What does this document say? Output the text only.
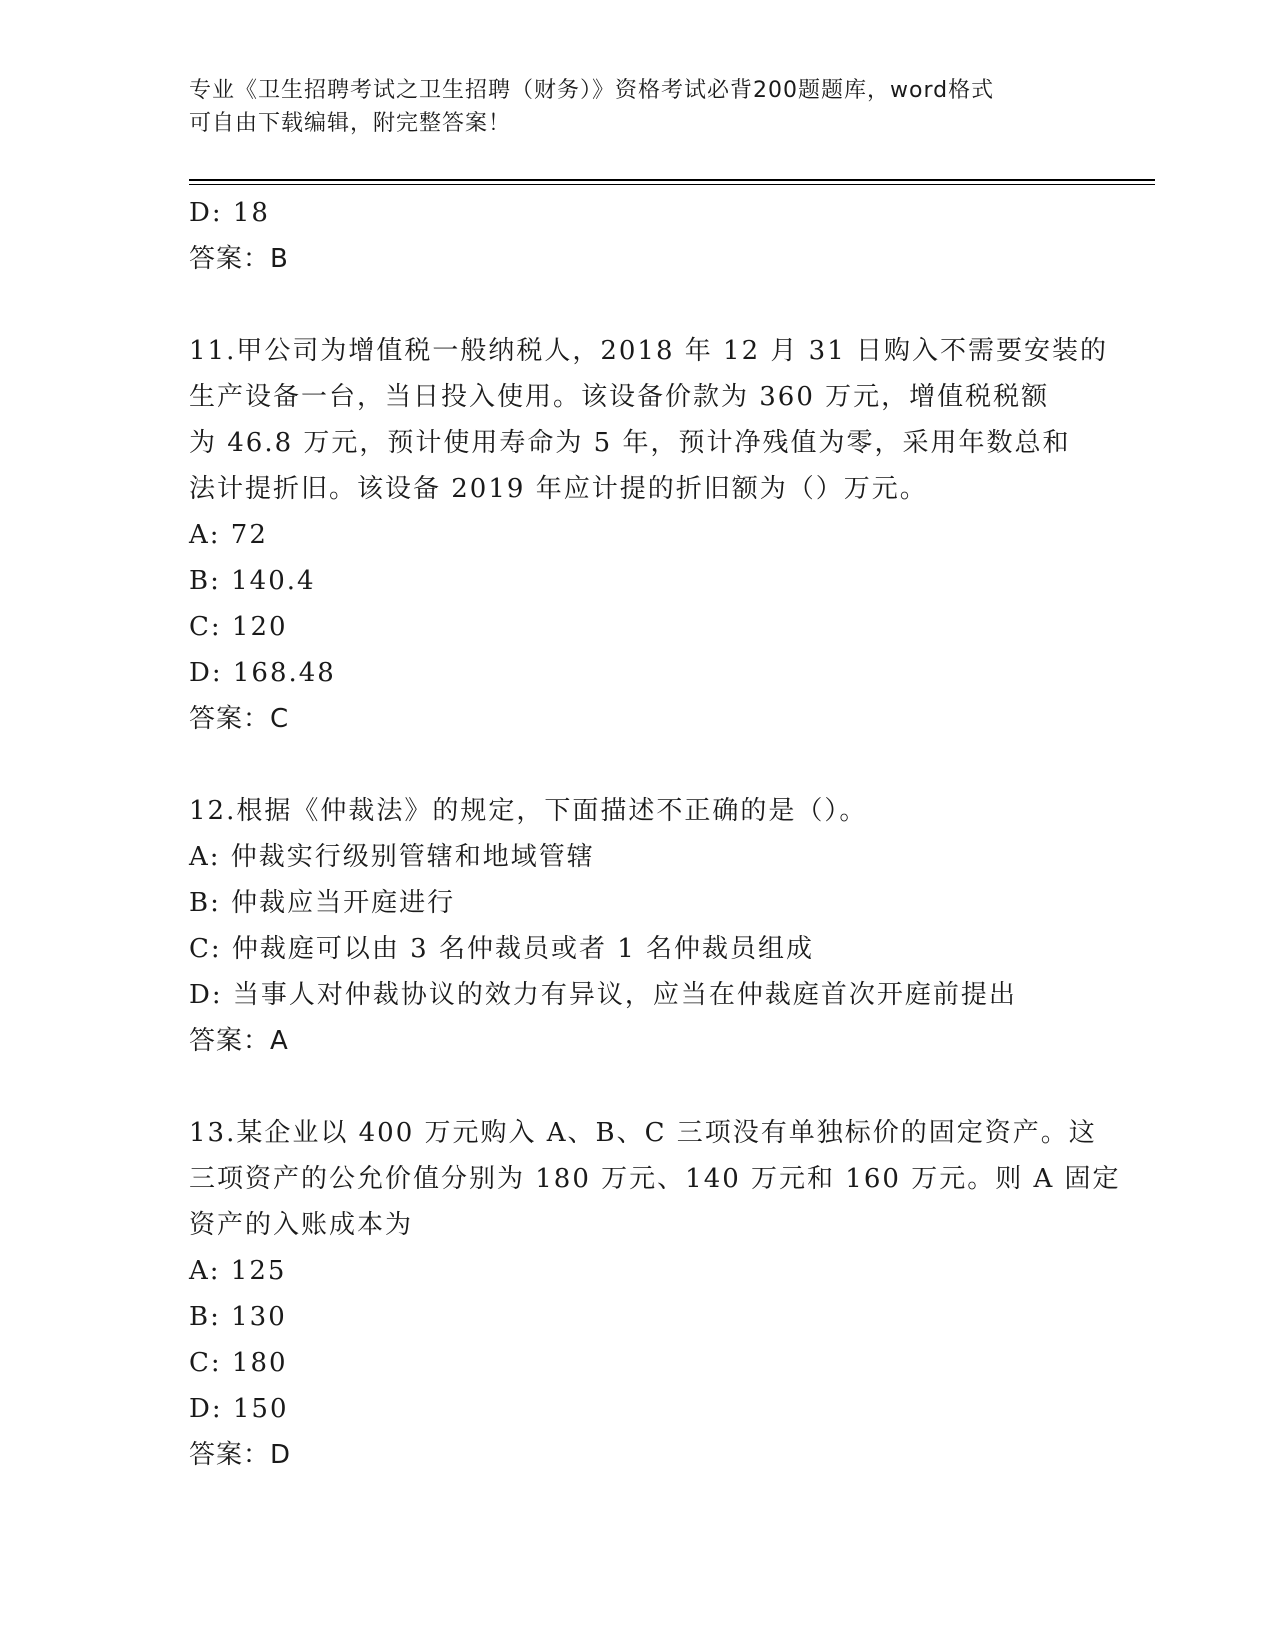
专业《卫生招聘考试之卫生招聘（财务）》资格考试必背200题题库，word格式
可自由下载编辑，附完整答案！
D: 18
答案：B
11.甲公司为增值税一般纳税人，2018 年 12 月 31 日购入不需要安装的
生产设备一台，当日投入使用。该设备价款为 360 万元，增值税税额
为 46.8 万元，预计使用寿命为 5 年，预计净残值为零，采用年数总和
法计提折旧。该设备 2019 年应计提的折旧额为（）万元。
A: 72
B: 140.4
C: 120
D: 168.48
答案：C
12.根据《仲裁法》的规定，下面描述不正确的是（）。
A: 仲裁实行级别管辖和地域管辖
B: 仲裁应当开庭进行
C: 仲裁庭可以由 3 名仲裁员或者 1 名仲裁员组成
D: 当事人对仲裁协议的效力有异议，应当在仲裁庭首次开庭前提出
答案：A
13.某企业以 400 万元购入 A、B、C 三项没有单独标价的固定资产。这
三项资产的公允价值分别为 180 万元、140 万元和 160 万元。则 A 固定
资产的入账成本为
A: 125
B: 130
C: 180
D: 150
答案：D
